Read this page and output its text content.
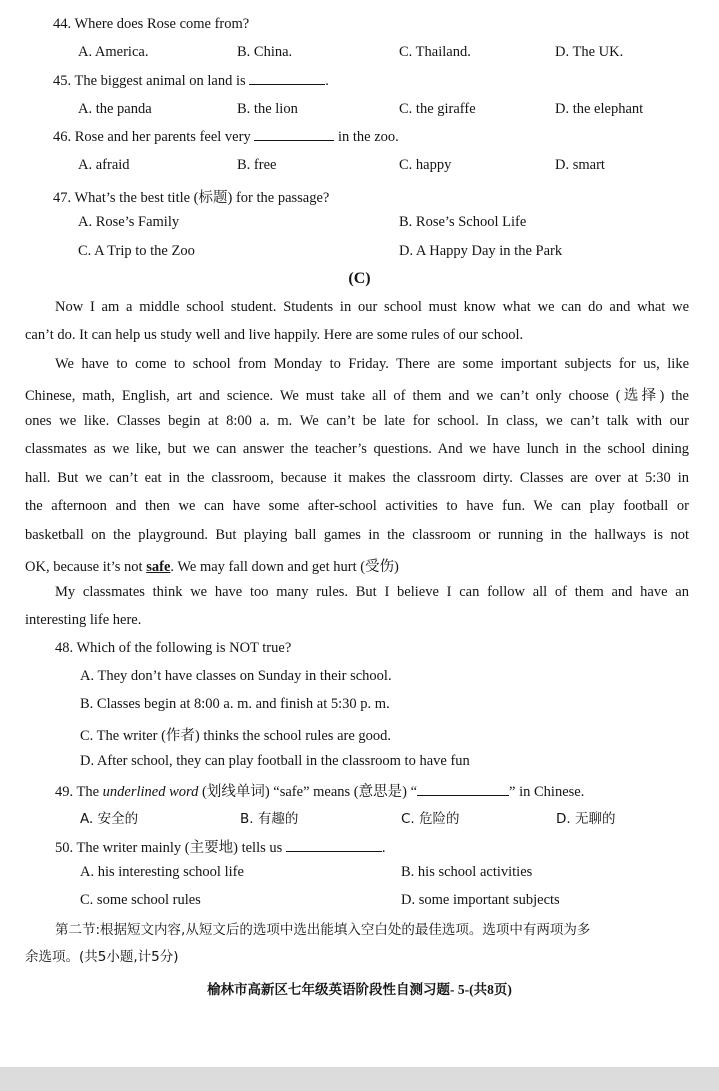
44. Where does Rose come from?
A. America.	B. China.	C. Thailand.	D. The UK.
45. The biggest animal on land is	.
A. the panda	B. the lion	C. the giraffe	D. the elephant
46. Rose and her parents feel very	in the zoo.
A. afraid	B. free	C. happy	D. smart
47. What’s the best title (标题) for the passage?
A. Rose’s Family	B. Rose’s School Life
C. A Trip to the Zoo	D. A Happy Day in the Park
(C)
Now I am a middle school student. Students in our school must know what we can do and what we
can’t do. It can help us study well and live happily. Here are some rules of our school.
We have to come to school from Monday to Friday. There are some important subjects for us, like
Chinese, math, English, art and science. We must take all of them and we can’t only choose (选择) the
ones we like. Classes begin at 8:00 a. m. We can’t be late for school. In class, we can’t talk with our
classmates as we like, but we can answer the teacher’s questions. And we have lunch in the school dining
hall. But we can’t eat in the classroom, because it makes the classroom dirty. Classes are over at 5:30 in
the afternoon and then we can have some after-school activities to have fun. We can play football or
basketball on the playground. But playing ball games in the classroom or running in the hallways is not
OK, because it’s not safe. We may fall down and get hurt (受伤)
My classmates think we have too many rules. But I believe I can follow all of them and have an
interesting life here.
48. Which of the following is NOT true?
A. They don’t have classes on Sunday in their school.
B. Classes begin at 8:00 a. m. and finish at 5:30 p. m.
C. The writer (作者) thinks the school rules are good.
D. After school, they can play football in the classroom to have fun
49. The underlined word (划线单词) “safe” means (意思是) “	” in Chinese.
A. 安全的	B. 有趣的	C. 危险的	D. 无聊的
50. The writer mainly (主要地) tells us	.
A. his interesting school life	B. his school activities
C. some school rules	D. some important subjects
第二节:根据短文内容,从短文后的选项中选出能填入空白处的最佳选项。选项中有两项为多
余选项。(共5小题,计5分)
榆林市高新区七年级英语阶段性自测习题- 5-(共8页)
